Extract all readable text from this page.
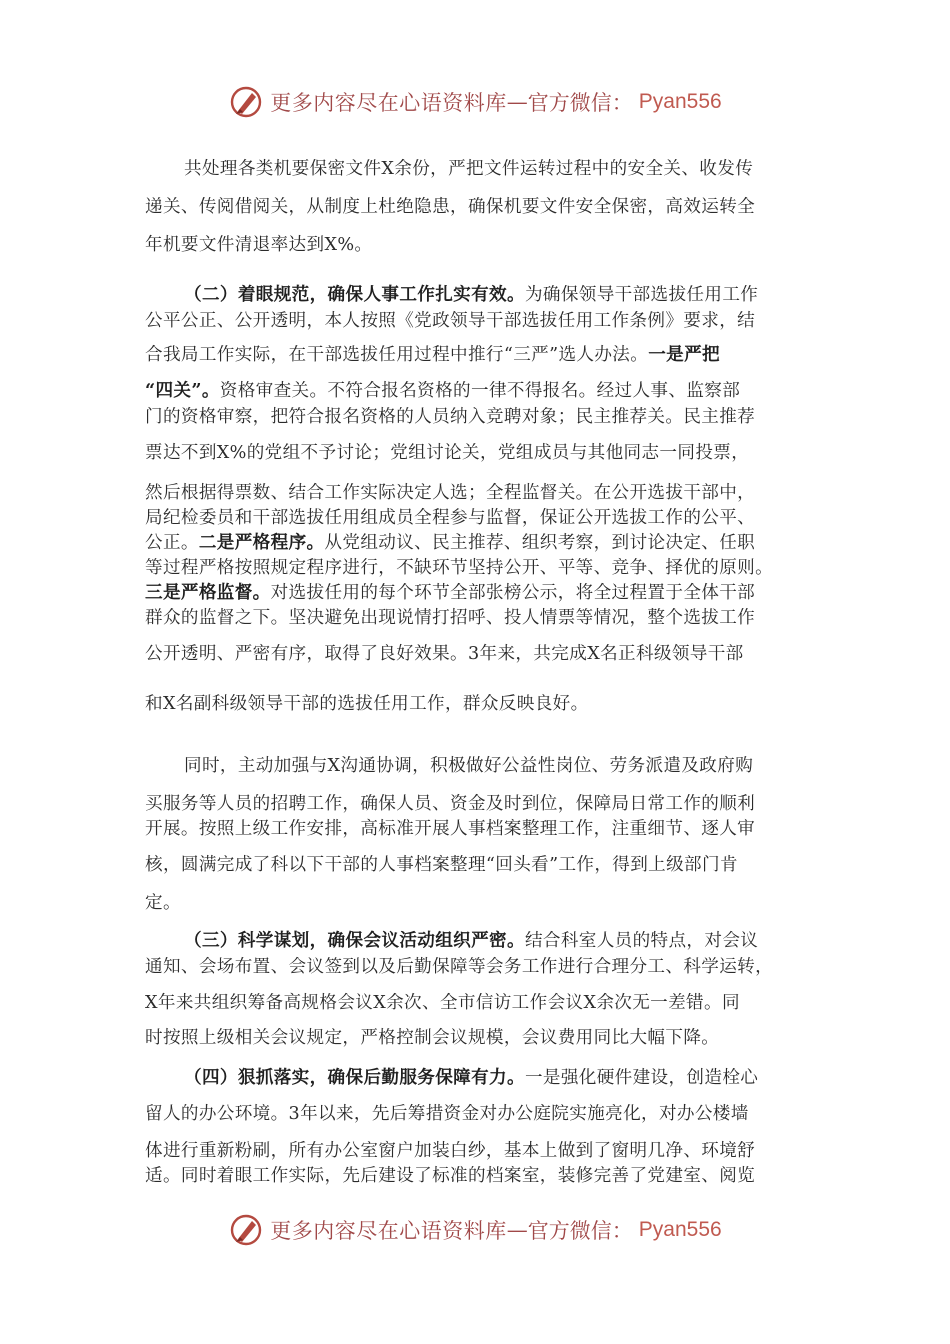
更多内容尽在心语资料库 — 官方微信： Pyan556
共处理各类机要保密文件X余份，严把文件运转过程中的安全关、收发传
递关、传阅借阅关，从制度上杜绝隐患，确保机要文件安全保密，高效运转全
年机要文件清退率达到X%。
（二）着眼规范，确保人事工作扎实有效。为确保领导干部选拔任用工作
公平公正、公开透明，本人按照《党政领导干部选拔任用工作条例》要求，结
合我局工作实际，在干部选拔任用过程中推行“三严”选人办法。一是严把
“四关”。资格审查关。不符合报名资格的一律不得报名。经过人事、监察部
门的资格审察，把符合报名资格的人员纳入竞聘对象；民主推荐关。民主推荐
票达不到X%的党组不予讨论；党组讨论关，党组成员与其他同志一同投票，
然后根据得票数、结合工作实际决定人选；全程监督关。在公开选拔干部中，
局纪检委员和干部选拔任用组成员全程参与监督，保证公开选拔工作的公平、
公正。二是严格程序。从党组动议、民主推荐、组织考察，到讨论决定、任职
等过程严格按照规定程序进行，不缺环节坚持公开、平等、竞争、择优的原则。
三是严格监督。对选拔任用的每个环节全部张榜公示，将全过程置于全体干部
群众的监督之下。坚决避免出现说情打招呼、投人情票等情况，整个选拔工作
公开透明、严密有序，取得了良好效果。3年来，共完成X名正科级领导干部
和X名副科级领导干部的选拔任用工作，群众反映良好。
同时，主动加强与X沟通协调，积极做好公益性岗位、劳务派遣及政府购
买服务等人员的招聘工作，确保人员、资金及时到位，保障局日常工作的顺利
开展。按照上级工作安排，高标准开展人事档案整理工作，注重细节、逐人审
核，圆满完成了科以下干部的人事档案整理“回头看”工作，得到上级部门肯
定。
（三）科学谋划，确保会议活动组织严密。结合科室人员的特点，对会议
通知、会场布置、会议签到以及后勤保障等会务工作进行合理分工、科学运转，
X年来共组织筹备高规格会议X余次、全市信访工作会议X余次无一差错。同
时按照上级相关会议规定，严格控制会议规模，会议费用同比大幅下降。
（四）狠抓落实，确保后勤服务保障有力。一是强化硬件建设，创造栓心
留人的办公环境。3年以来，先后筹措资金对办公庭院实施亮化，对办公楼墙
体进行重新粉刷，所有办公室窗户加装白纱，基本上做到了窗明几净、环境舒
适。同时着眼工作实际，先后建设了标准的档案室，装修完善了党建室、阅览
更多内容尽在心语资料库 — 官方微信： Pyan556
